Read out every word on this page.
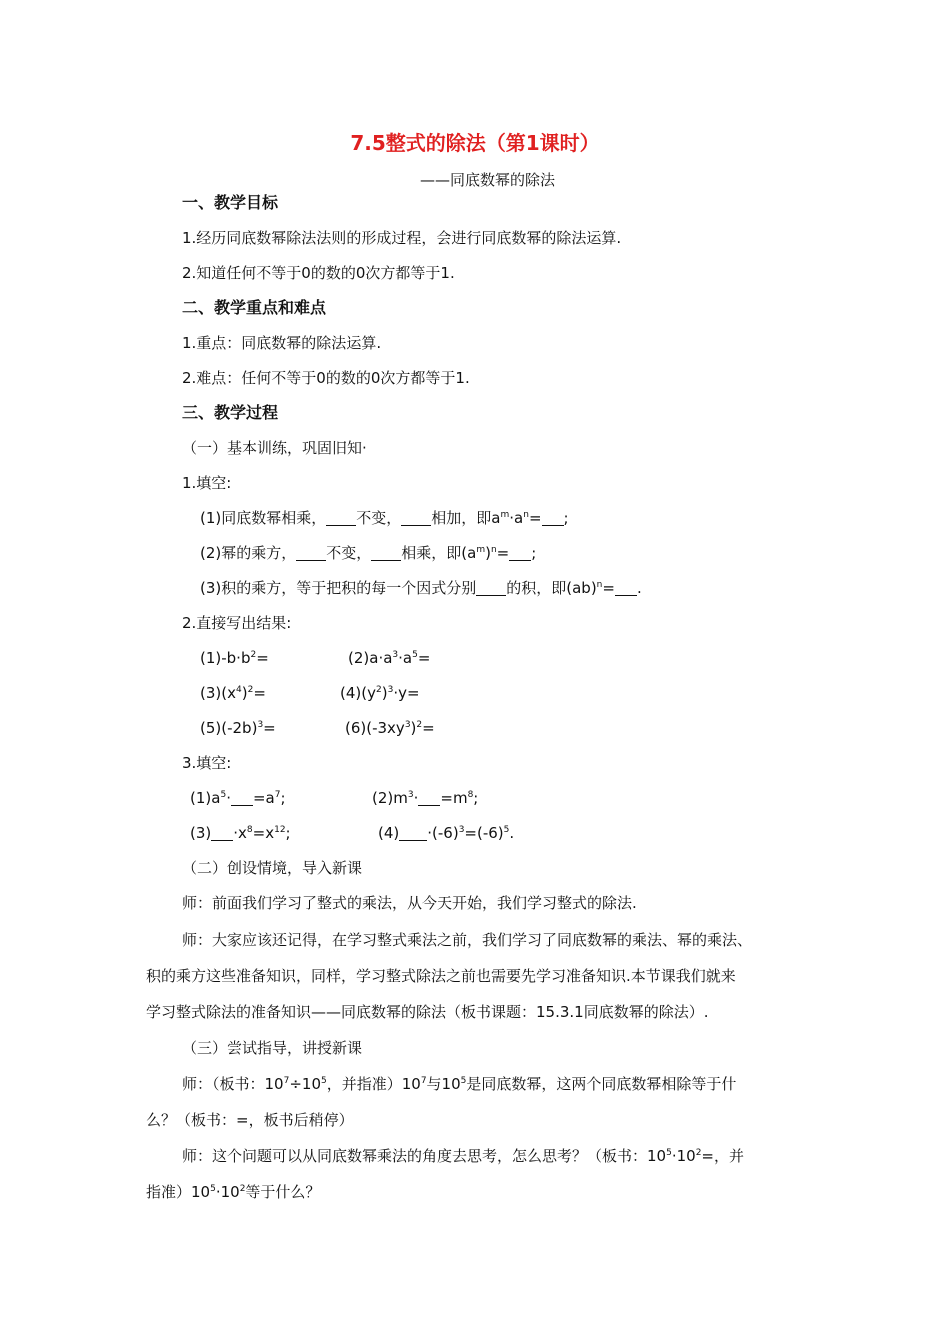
7.5整式的除法（第1课时）
——同底数幂的除法
一、教学目标
1.经历同底数幂除法法则的形成过程，会进行同底数幂的除法运算.
2.知道任何不等于0的数的0次方都等于1.
二、教学重点和难点
1.重点：同底数幂的除法运算.
2.难点：任何不等于0的数的0次方都等于1.
三、教学过程
（一）基本训练，巩固旧知·
1.填空:
(1)同底数幂相乘， 不变， 相加，即$a^m\cdot a^n=$ ;
(2)幂的乘方， 不变， 相乘，即$(a^m)^n=$ ;
(3)积的乘方，等于把积的每一个因式分别 的积，即(ab)$^n$= .
2.直接写出结果:
$(1)-b\cdot b^2=$	$(2)a\cdot a^3\cdot a^5=$
$(3)(x^4)^2=$	$(4)(y^2)^3\cdot y=$
$(5)(-2b)^3=$	$(6)(-3xy^3)^2=$
3.填空:
$(1)a^5\cdot =a^7$;	$(2)m^3\cdot =m^8$;
$(3) \cdot x^8=x^{12}$;	$(4) \cdot(-6)^3=(-6)^5$.
（二）创设情境，导入新课
师：前面我们学习了整式的乘法，从今天开始，我们学习整式的除法.
师：大家应该还记得，在学习整式乘法之前，我们学习了同底数幂的乘法、幂的乘法、
积的乘方这些准备知识，同样，学习整式除法之前也需要先学习准备知识.本节课我们就来
学习整式除法的准备知识——同底数幂的除法（板书课题：15.3.1同底数幂的除法）.
（三）尝试指导，讲授新课
师：（板书：$10^7\div 10^5$，并指准）$10^7$与$10^5$是同底数幂，这两个同底数幂相除等于什
么？（板书：=，板书后稍停）
师：这个问题可以从同底数幂乘法的角度去思考，怎么思考？（板书：$10^5\cdot 10^2=$，并
指准）$10^5\cdot 10^2$等于什么？
